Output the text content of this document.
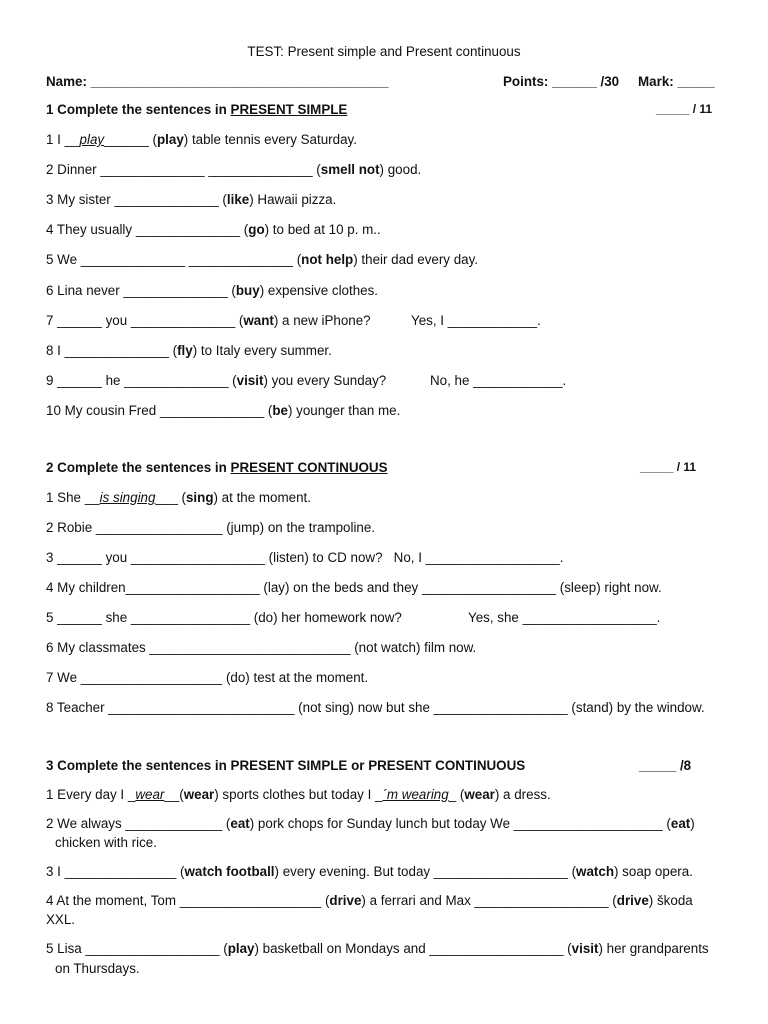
TEST: Present simple and Present continuous
Name: ________________________________________	Points: ______ /30 Mark: _____
1 Complete the sentences in PRESENT SIMPLE	_____ / 11
1 I __play______ (play) table tennis every Saturday.
2 Dinner ______________ ______________ (smell not) good.
3 My sister ______________ (like) Hawaii pizza.
4 They usually ______________ (go) to bed at 10 p. m..
5 We ______________ ______________ (not help) their dad every day.
6 Lina never ______________ (buy) expensive clothes.
7 ______ you ______________ (want) a new iPhone?	Yes, I ____________.
8 I ______________ (fly) to Italy every summer.
9 ______ he ______________ (visit) you every Sunday?	No, he ____________.
10 My cousin Fred ______________ (be) younger than me.
2 Complete the sentences in PRESENT CONTINUOUS	_____ / 11
1 She __is singing___ (sing) at the moment.
2 Robie _________________ (jump) on the trampoline.
3 ______ you __________________ (listen) to CD now?   No, I __________________.
4 My children__________________ (lay) on the beds and they __________________ (sleep) right now.
5 ______ she ________________ (do) her homework now?	Yes, she __________________.
6 My classmates ___________________________ (not watch) film now.
7 We ___________________ (do) test at the moment.
8 Teacher _________________________ (not sing) now but she __________________ (stand) by the window.
3 Complete the sentences in PRESENT SIMPLE or PRESENT CONTINUOUS	_____ /8
1 Every day I _wear__(wear) sports clothes but today I _´m wearing_ (wear) a dress.
2 We always _____________ (eat) pork chops for Sunday lunch but today We ____________________ (eat)
chicken with rice.
3 I _______________ (watch football) every evening. But today __________________ (watch) soap opera.
4 At the moment, Tom ___________________ (drive) a ferrari and Max __________________ (drive) škoda
XXL.
5 Lisa __________________ (play) basketball on Mondays and __________________ (visit) her grandparents
on Thursdays.
